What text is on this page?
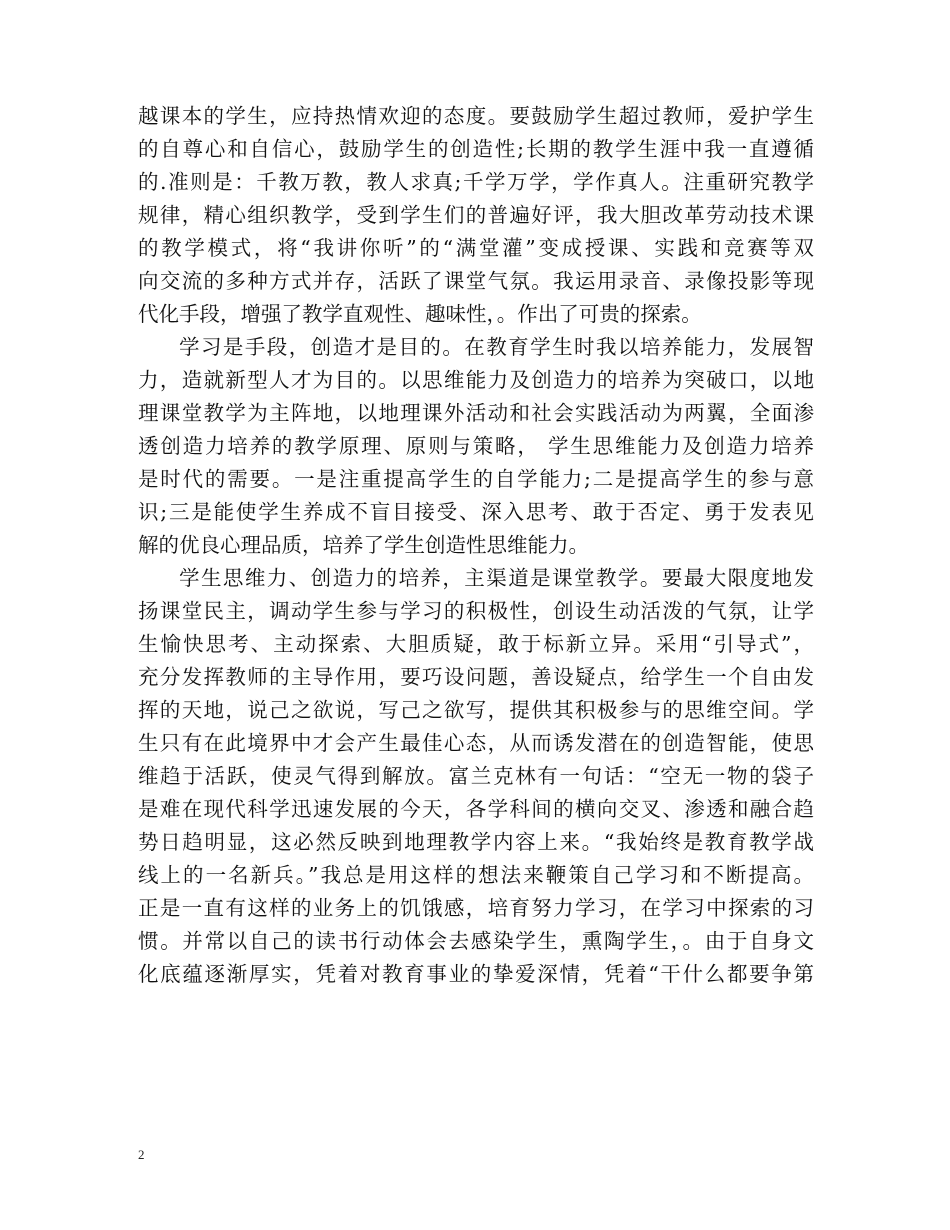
越课本的学生，应持热情欢迎的态度。要鼓励学生超过教师，爱护学生
的自尊心和自信心，鼓励学生的创造性;长期的教学生涯中我一直遵循
的.准则是：千教万教，教人求真;千学万学，学作真人。注重研究教学
规律，精心组织教学，受到学生们的普遍好评，我大胆改革劳动技术课
的教学模式，将“我讲你听”的“满堂灌”变成授课、实践和竞赛等双
向交流的多种方式并存，活跃了课堂气氛。我运用录音、录像投影等现
代化手段，增强了教学直观性、趣味性，。作出了可贵的探索。
学习是手段，创造才是目的。在教育学生时我以培养能力，发展智
力，造就新型人才为目的。以思维能力及创造力的培养为突破口，以地
理课堂教学为主阵地，以地理课外活动和社会实践活动为两翼，全面渗
透创造力培养的教学原理、原则与策略， 学生思维能力及创造力培养
是时代的需要。一是注重提高学生的自学能力;二是提高学生的参与意
识;三是能使学生养成不盲目接受、深入思考、敢于否定、勇于发表见
解的优良心理品质，培养了学生创造性思维能力。
学生思维力、创造力的培养，主渠道是课堂教学。要最大限度地发
扬课堂民主，调动学生参与学习的积极性，创设生动活泼的气氛，让学
生愉快思考、主动探索、大胆质疑，敢于标新立异。采用“引导式”，
充分发挥教师的主导作用，要巧设问题，善设疑点，给学生一个自由发
挥的天地，说己之欲说，写己之欲写，提供其积极参与的思维空间。学
生只有在此境界中才会产生最佳心态，从而诱发潜在的创造智能，使思
维趋于活跃，使灵气得到解放。富兰克林有一句话：“空无一物的袋子
是难在现代科学迅速发展的今天，各学科间的横向交叉、渗透和融合趋
势日趋明显，这必然反映到地理教学内容上来。“我始终是教育教学战
线上的一名新兵。”我总是用这样的想法来鞭策自己学习和不断提高。
正是一直有这样的业务上的饥饿感，培育努力学习，在学习中探索的习
惯。并常以自己的读书行动体会去感染学生，熏陶学生，。由于自身文
化底蕴逐渐厚实，凭着对教育事业的挚爱深情，凭着“干什么都要争第
2
